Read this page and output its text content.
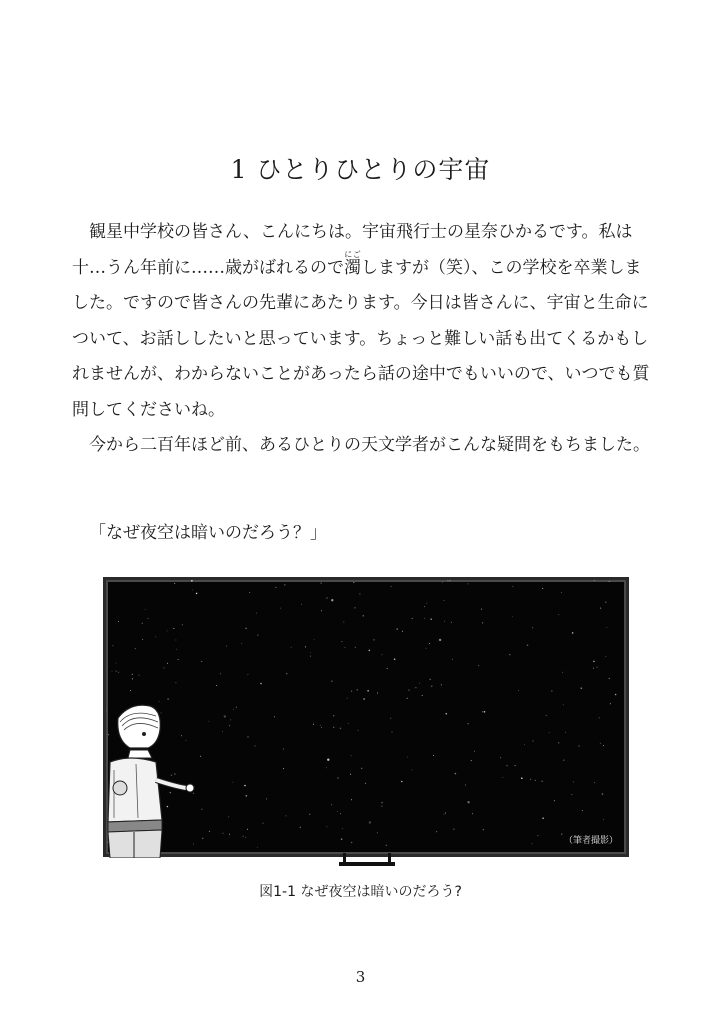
1 ひとりひとりの宇宙

観星中学校の皆さん、こんにちは。宇宙飛行士の星奈ひかるです。私は十…うん年前に……歳がばれるので濁にごしますが（笑）、この学校を卒業しました。ですので皆さんの先輩にあたります。今日は皆さんに、宇宙と生命について、お話ししたいと思っています。ちょっと難しい話も出てくるかもしれませんが、わからないことがあったら話の途中でもいいので、いつでも質問してくださいね。

今から二百年ほど前、あるひとりの天文学者がこんな疑問をもちました。

「なぜ夜空は暗いのだろう？」

（筆者撮影）
図1-1 なぜ夜空は暗いのだろう?
3
